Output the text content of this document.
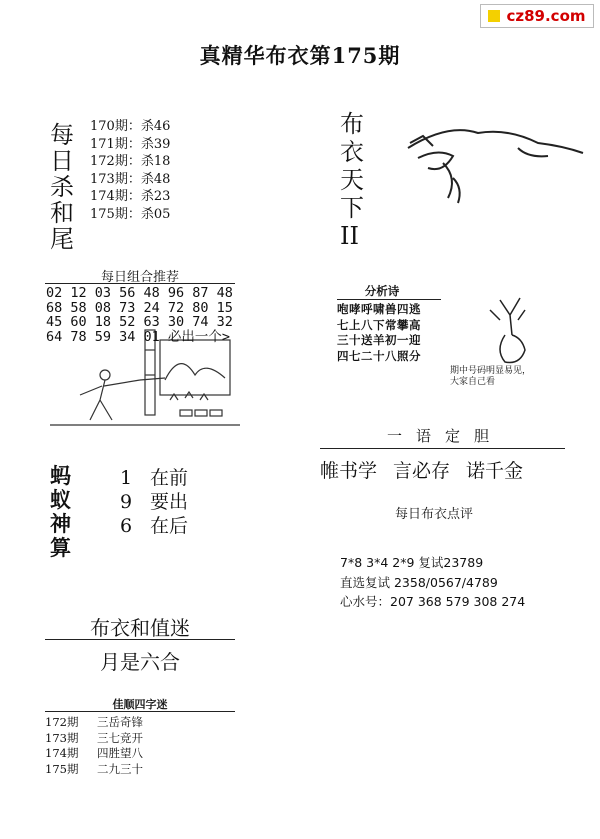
cz89.com
真精华布衣第175期
每日杀和尾
170期：杀46
171期：杀39
172期：杀18
173期：杀48
174期：杀23
175期：杀05
每日组合推荐
02 12 03 56 48 96 87 48
68 58 08 73 24 72 80 15
45 60 18 52 63 30 74 32
64 78 59 34 01 必出一个>
蚂蚁神算
1 在前
9 要出
6 在后
布衣和值迷
月是六合
佳顺四字迷
172期 三岳奇锋
173期 三七竞开
174期 四胜望八
175期 二九三十
布衣天下II
分析诗
咆哮呼啸兽四逃
七上八下常攀高
三十送羊初一迎
四七二十八照分
期中号码明显易见，
大家自己看
一语定胆
帷书学 言必存 诺千金
每日布衣点评
7*8 3*4 2*9 复试23789
直选复试 2358/0567/4789
心水号：207 368 579 308 274
